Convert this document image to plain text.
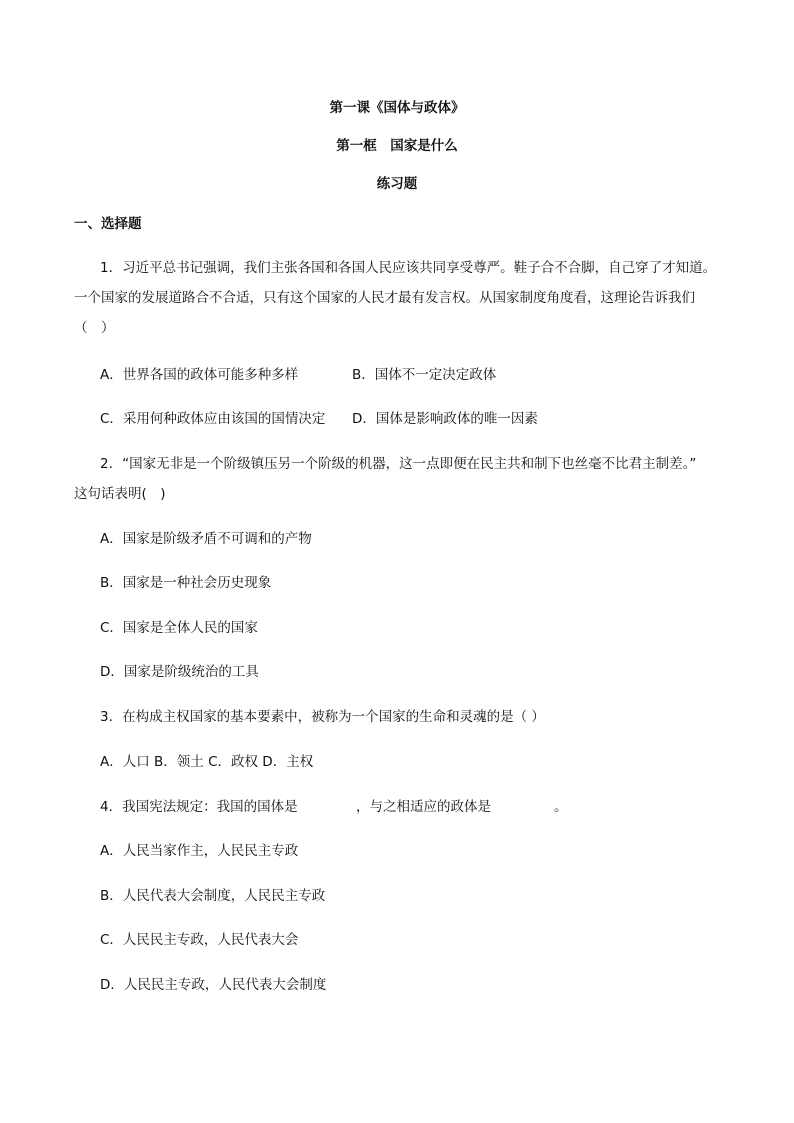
第一课《国体与政体》
第一框　国家是什么
练习题
一、选择题
1．习近平总书记强调，我们主张各国和各国人民应该共同享受尊严。鞋子合不合脚，自己穿了才知道。
一个国家的发展道路合不合适，只有这个国家的人民才最有发言权。从国家制度角度看，这理论告诉我们
（　）
A．世界各国的政体可能多种多样	B．国体不一定决定政体
C．采用何种政体应由该国的国情决定 D．国体是影响政体的唯一因素
2．“国家无非是一个阶级镇压另一个阶级的机器，这一点即便在民主共和制下也丝毫不比君主制差。”
这句话表明(　)
A．国家是阶级矛盾不可调和的产物
B．国家是一种社会历史现象
C．国家是全体人民的国家
D．国家是阶级统治的工具
3．在构成主权国家的基本要素中，被称为一个国家的生命和灵魂的是（ ）
A．人口 B．领土 C．政权 D．主权
4．我国宪法规定：我国的国体是	，与之相适应的政体是	。
A．人民当家作主，人民民主专政
B．人民代表大会制度，人民民主专政
C．人民民主专政，人民代表大会
D．人民民主专政，人民代表大会制度
